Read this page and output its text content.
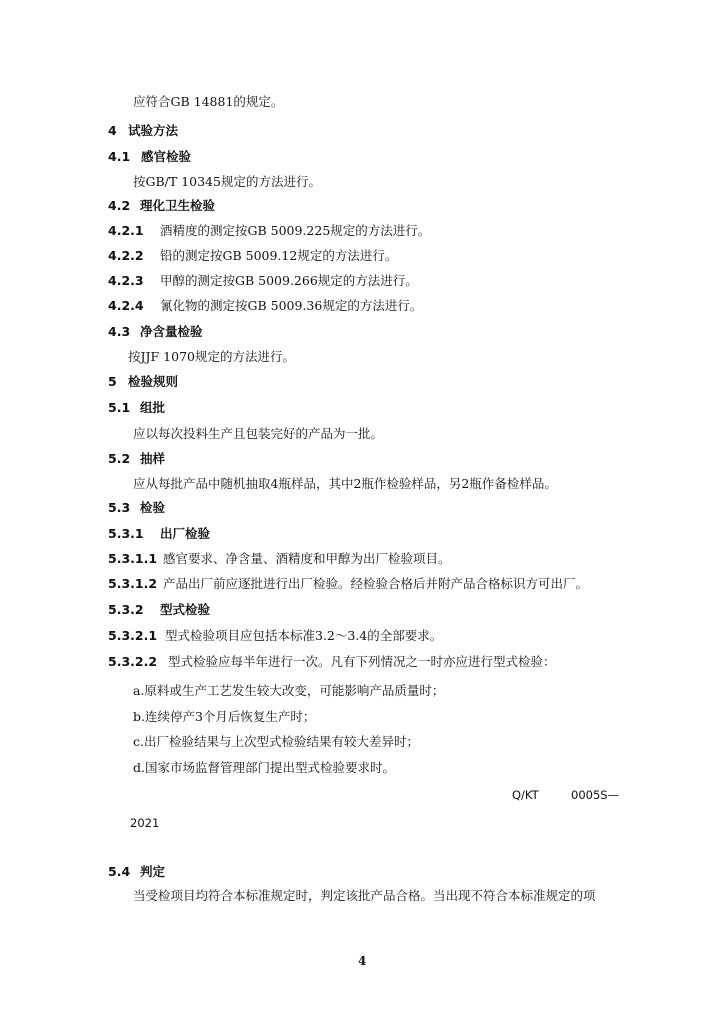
应符合GB 14881的规定。
4 试验方法
4.1 感官检验
按GB/T 10345规定的方法进行。
4.2 理化卫生检验
4.2.1 酒精度的测定按GB 5009.225规定的方法进行。
4.2.2 铅的测定按GB 5009.12规定的方法进行。
4.2.3 甲醇的测定按GB 5009.266规定的方法进行。
4.2.4 氰化物的测定按GB 5009.36规定的方法进行。
4.3 净含量检验
按JJF 1070规定的方法进行。
5 检验规则
5.1 组批
应以每次投料生产且包装完好的产品为一批。
5.2 抽样
应从每批产品中随机抽取4瓶样品，其中2瓶作检验样品，另2瓶作备检样品。
5.3 检验
5.3.1 出厂检验
5.3.1.1 感官要求、净含量、酒精度和甲醇为出厂检验项目。
5.3.1.2 产品出厂前应逐批进行出厂检验。经检验合格后并附产品合格标识方可出厂。
5.3.2 型式检验
5.3.2.1 型式检验项目应包括本标准3.2～3.4的全部要求。
5.3.2.2 型式检验应每半年进行一次。凡有下列情况之一时亦应进行型式检验：
a.原料或生产工艺发生较大改变，可能影响产品质量时；
b.连续停产3个月后恢复生产时；
c.出厂检验结果与上次型式检验结果有较大差异时；
d.国家市场监督管理部门提出型式检验要求时。
Q/KT	0005S—
2021
5.4 判定
当受检项目均符合本标准规定时，判定该批产品合格。当出现不符合本标准规定的项
4
